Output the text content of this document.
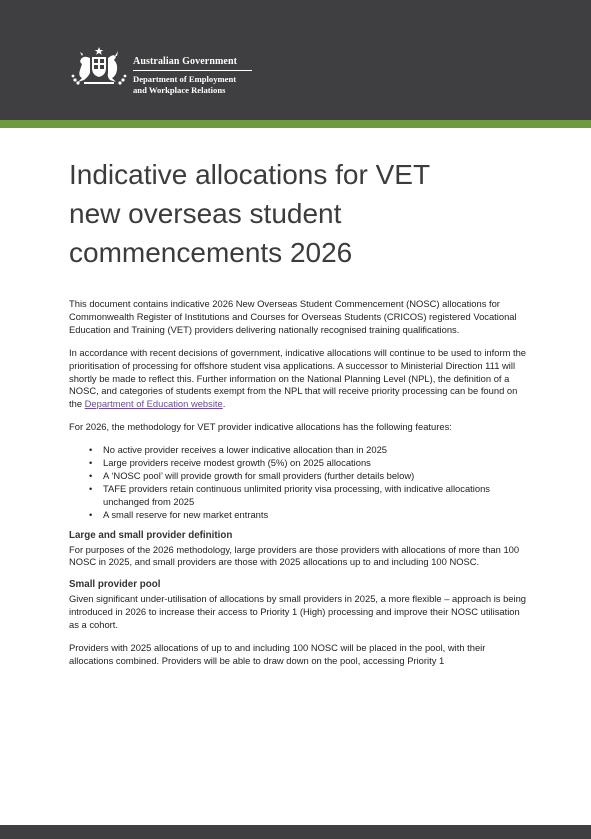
Australian Government
Department of Employment
and Workplace Relations
Indicative allocations for VET
new overseas student
commencements 2026

This document contains indicative 2026 New Overseas Student Commencement (NOSC) allocations for Commonwealth Register of Institutions and Courses for Overseas Students (CRICOS) registered Vocational Education and Training (VET) providers delivering nationally recognised training qualifications.

In accordance with recent decisions of government, indicative allocations will continue to be used to inform the prioritisation of processing for offshore student visa applications. A successor to Ministerial Direction 111 will shortly be made to reflect this. Further information on the National Planning Level (NPL), the definition of a NOSC, and categories of students exempt from the NPL that will receive priority processing can be found on the Department of Education website.

For 2026, the methodology for VET provider indicative allocations has the following features:

• No active provider receives a lower indicative allocation than in 2025
• Large providers receive modest growth (5%) on 2025 allocations
• A ‘NOSC pool’ will provide growth for small providers (further details below)
• TAFE providers retain continuous unlimited priority visa processing, with indicative allocations unchanged from 2025
• A small reserve for new market entrants
Large and small provider definition

For purposes of the 2026 methodology, large providers are those providers with allocations of more than 100 NOSC in 2025, and small providers are those with 2025 allocations up to and including 100 NOSC.

Small provider pool

Given significant under-utilisation of allocations by small providers in 2025, a more flexible – approach is being introduced in 2026 to increase their access to Priority 1 (High) processing and improve their NOSC utilisation as a cohort.

Providers with 2025 allocations of up to and including 100 NOSC will be placed in the pool, with their allocations combined. Providers will be able to draw down on the pool, accessing Priority 1
